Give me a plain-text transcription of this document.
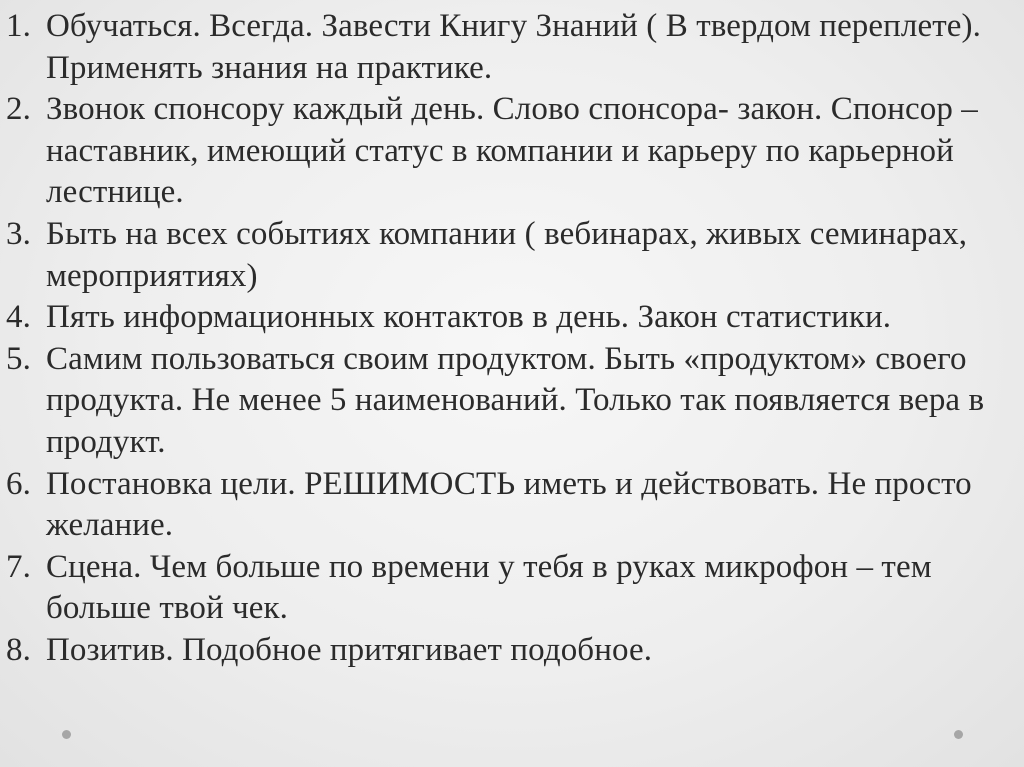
1. Обучаться. Всегда. Завести Книгу Знаний ( В твердом переплете). Применять знания на практике.
2. Звонок спонсору каждый день. Слово спонсора- закон. Спонсор – наставник, имеющий статус в компании и карьеру по карьерной лестнице.
3. Быть на всех событиях компании ( вебинарах, живых семинарах, мероприятиях)
4. Пять информационных контактов в день. Закон статистики.
5. Самим пользоваться своим продуктом. Быть «продуктом» своего продукта. Не менее 5 наименований. Только так появляется вера в продукт.
6. Постановка цели. РЕШИМОСТЬ иметь и действовать. Не просто желание.
7. Сцена. Чем больше по времени у тебя в руках микрофон – тем больше твой чек.
8. Позитив. Подобное притягивает подобное.
